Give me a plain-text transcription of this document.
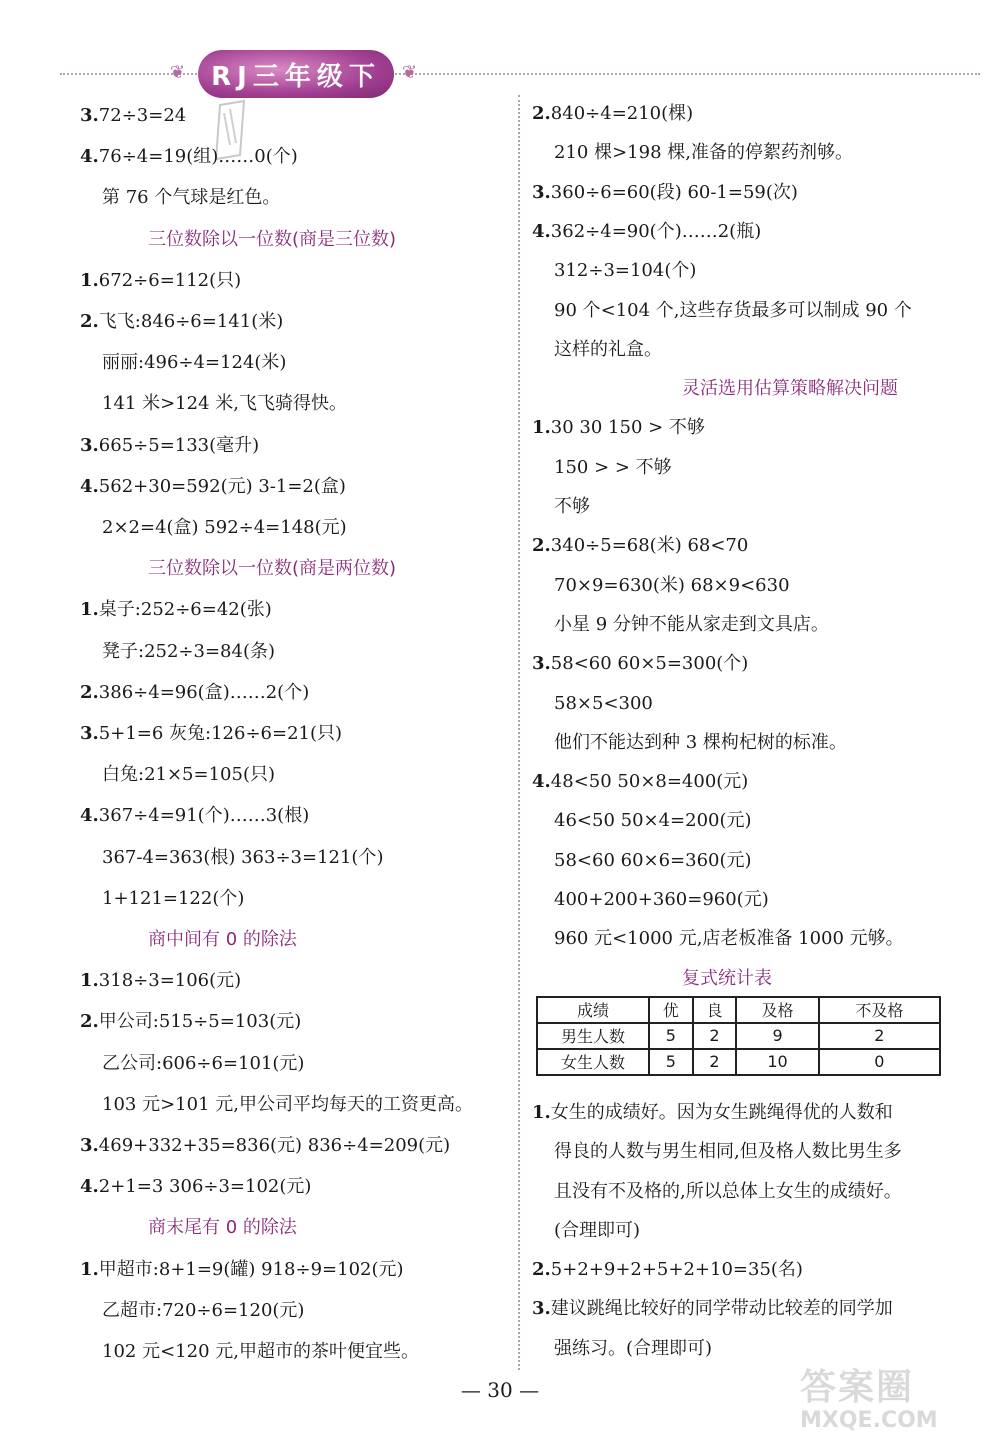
❦	RJ三年级下	❦
3.72÷3=24
4.76÷4=19(组)……0(个)
第 76 个气球是红色。
三位数除以一位数(商是三位数)
1.672÷6=112(只)
2.飞飞:846÷6=141(米)
丽丽:496÷4=124(米)
141 米>124 米,飞飞骑得快。
3.665÷5=133(毫升)
4.562+30=592(元) 3-1=2(盒)
2×2=4(盒) 592÷4=148(元)
三位数除以一位数(商是两位数)
1.桌子:252÷6=42(张)
凳子:252÷3=84(条)
2.386÷4=96(盒)……2(个)
3.5+1=6 灰兔:126÷6=21(只)
白兔:21×5=105(只)
4.367÷4=91(个)……3(根)
367-4=363(根) 363÷3=121(个)
1+121=122(个)
商中间有 0 的除法
1.318÷3=106(元)
2.甲公司:515÷5=103(元)
乙公司:606÷6=101(元)
103 元>101 元,甲公司平均每天的工资更高。
3.469+332+35=836(元) 836÷4=209(元)
4.2+1=3 306÷3=102(元)
商末尾有 0 的除法
1.甲超市:8+1=9(罐) 918÷9=102(元)
乙超市:720÷6=120(元)
102 元<120 元,甲超市的茶叶便宜些。
2.840÷4=210(棵)
210 棵>198 棵,准备的停絮药剂够。
3.360÷6=60(段) 60-1=59(次)
4.362÷4=90(个)……2(瓶)
312÷3=104(个)
90 个<104 个,这些存货最多可以制成 90 个
这样的礼盒。
灵活选用估算策略解决问题
1.30 30 150 > 不够
150 > > 不够
不够
2.340÷5=68(米) 68<70
70×9=630(米) 68×9<630
小星 9 分钟不能从家走到文具店。
3.58<60 60×5=300(个)
58×5<300
他们不能达到种 3 棵枸杞树的标准。
4.48<50 50×8=400(元)
46<50 50×4=200(元)
58<60 60×6=360(元)
400+200+360=960(元)
960 元<1000 元,店老板准备 1000 元够。
复式统计表
成绩	优	良	及格	不及格
男生人数	5	2	9	2
女生人数	5	2	10	0
1.女生的成绩好。因为女生跳绳得优的人数和
得良的人数与男生相同,但及格人数比男生多
且没有不及格的,所以总体上女生的成绩好。
(合理即可)
2.5+2+9+2+5+2+10=35(名)
3.建议跳绳比较好的同学带动比较差的同学加
强练习。(合理即可)
— 30 —	答案圈
MXQE.COM
